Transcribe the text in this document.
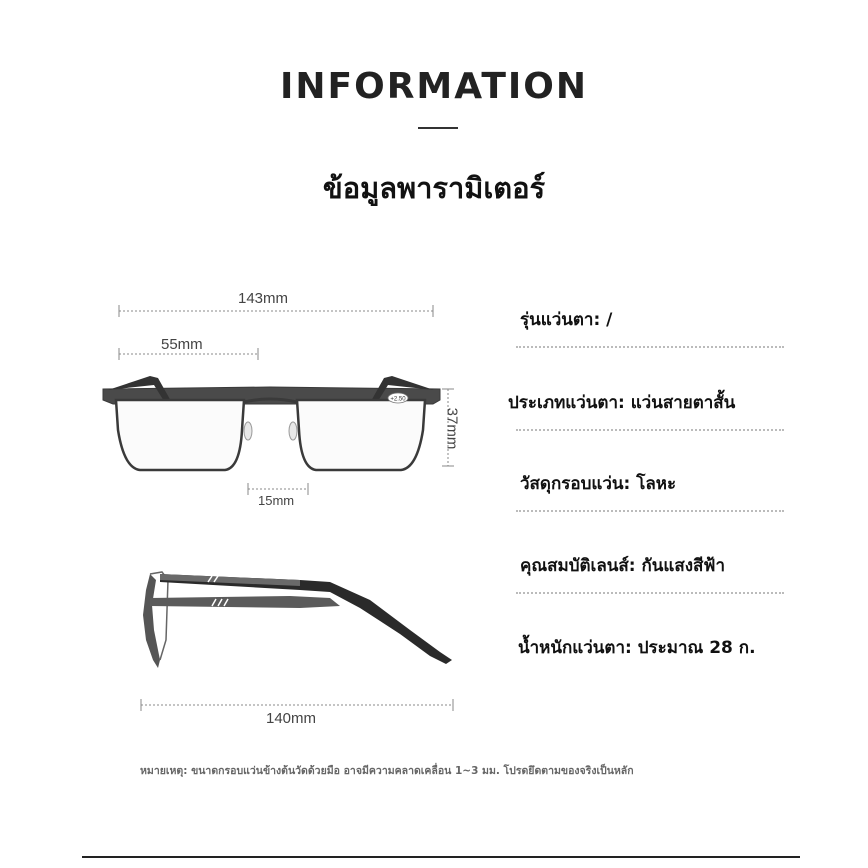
INFORMATION
ข้อมูลพารามิเตอร์
+2.50
143mm
55mm
37mm
15mm
140mm
รุ่นแว่นตา: /
ประเภทแว่นตา: แว่นสายตาสั้น
วัสดุกรอบแว่น: โลหะ
คุณสมบัติเลนส์: กันแสงสีฟ้า
น้ำหนักแว่นตา: ประมาณ 28 ก.
หมายเหตุ: ขนาดกรอบแว่นข้างต้นวัดด้วยมือ อาจมีความคลาดเคลื่อน 1~3 มม. โปรดยึดตามของจริงเป็นหลัก
